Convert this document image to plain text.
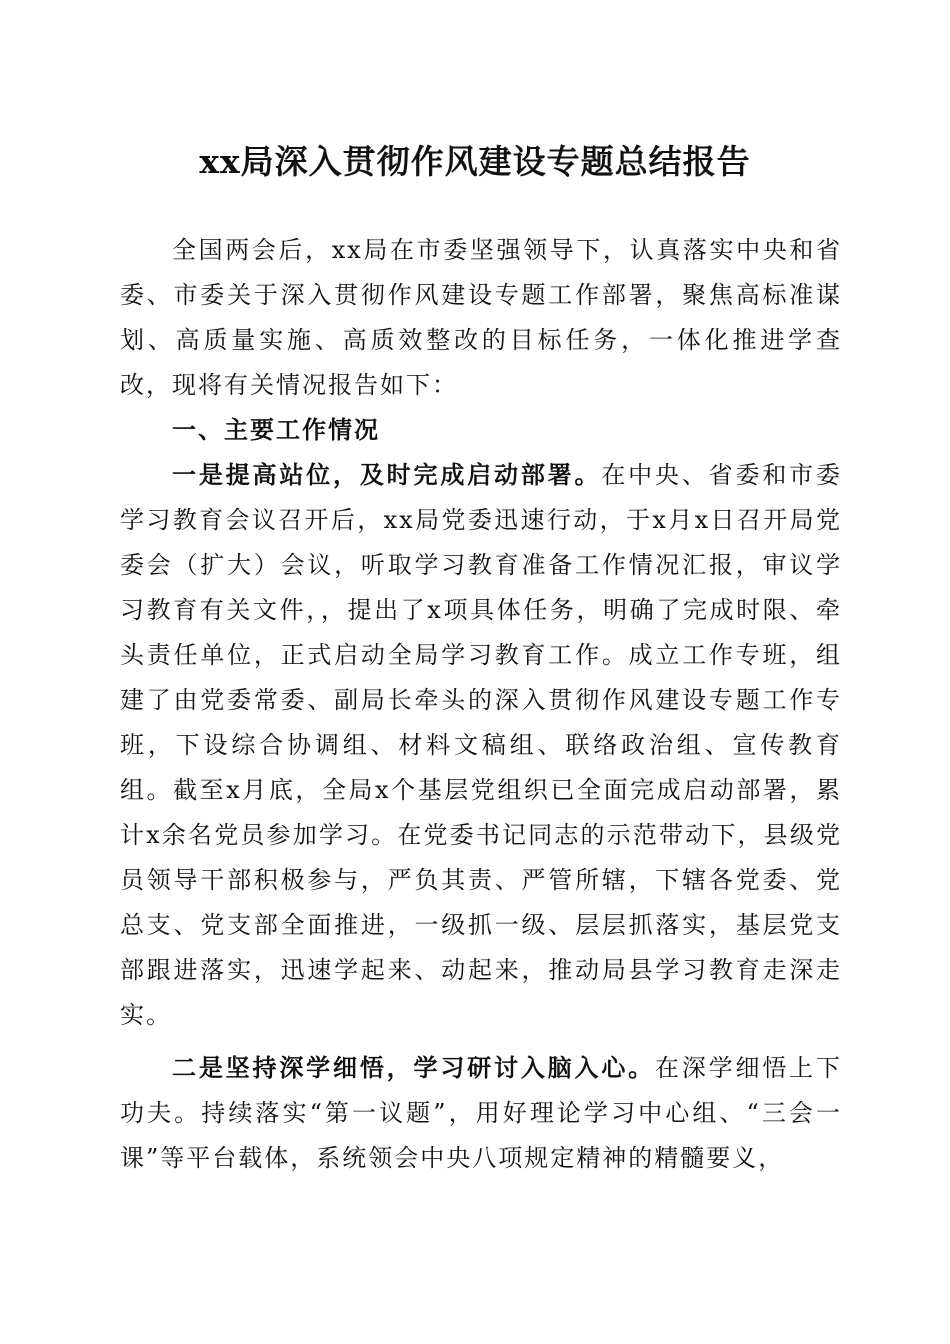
xx局深入贯彻作风建设专题总结报告

全国两会后，xx局在市委坚强领导下，认真落实中央和省委、市委关于深入贯彻作风建设专题工作部署，聚焦高标准谋划、高质量实施、高质效整改的目标任务，一体化推进学查改，现将有关情况报告如下：

一、主要工作情况

一是提高站位，及时完成启动部署。在中央、省委和市委学习教育会议召开后，xx局党委迅速行动，于x月x日召开局党委会（扩大）会议，听取学习教育准备工作情况汇报，审议学习教育有关文件，，提出了x项具体任务，明确了完成时限、牵头责任单位，正式启动全局学习教育工作。成立工作专班，组建了由党委常委、副局长牵头的深入贯彻作风建设专题工作专班，下设综合协调组、材料文稿组、联络政治组、宣传教育组。截至x月底，全局x个基层党组织已全面完成启动部署，累计x余名党员参加学习。在党委书记同志的示范带动下，县级党员领导干部积极参与，严负其责、严管所辖，下辖各党委、党总支、党支部全面推进，一级抓一级、层层抓落实，基层党支部跟进落实，迅速学起来、动起来，推动局县学习教育走深走实。

二是坚持深学细悟，学习研讨入脑入心。在深学细悟上下功夫。持续落实“第一议题”，用好理论学习中心组、“三会一课”等平台载体，系统领会中央八项规定精神的精髓要义，
